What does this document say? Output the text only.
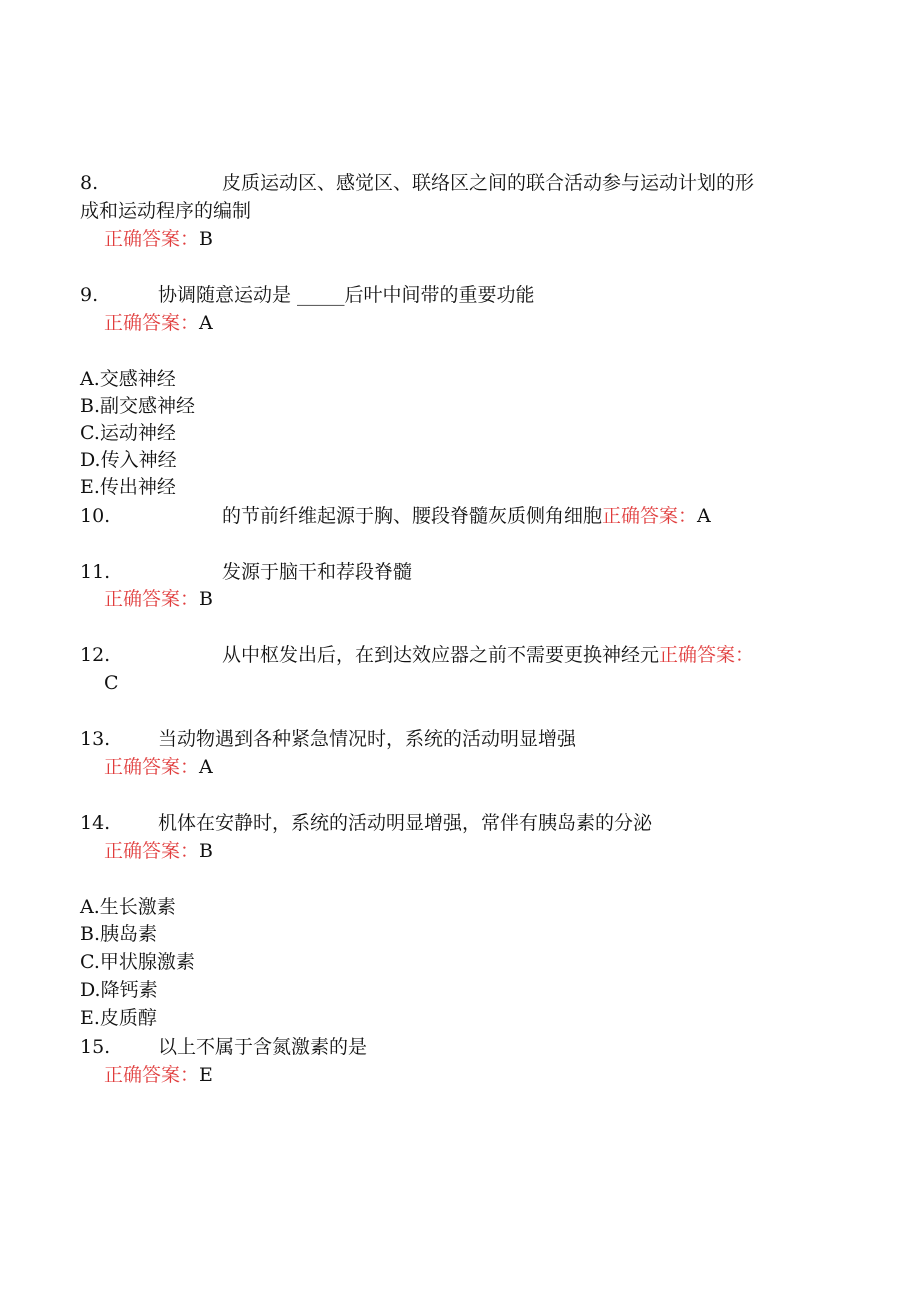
8.	皮质运动区、感觉区、联络区之间的联合活动参与运动计划的形
成和运动程序的编制
正确答案：B
9.	协调随意运动是 _____后叶中间带的重要功能
正确答案：A
A.交感神经
B.副交感神经
C.运动神经
D.传入神经
E.传出神经
10.	的节前纤维起源于胸、腰段脊髓灰质侧角细胞正确答案：A
11.	发源于脑干和荐段脊髓
正确答案：B
12.	从中枢发出后，在到达效应器之前不需要更换神经元正确答案：
C
13.	当动物遇到各种紧急情况时，系统的活动明显增强
正确答案：A
14.	机体在安静时，系统的活动明显增强，常伴有胰岛素的分泌
正确答案：B
A.生长激素
B.胰岛素
C.甲状腺激素
D.降钙素
E.皮质醇
15.	以上不属于含氮激素的是
正确答案：E
